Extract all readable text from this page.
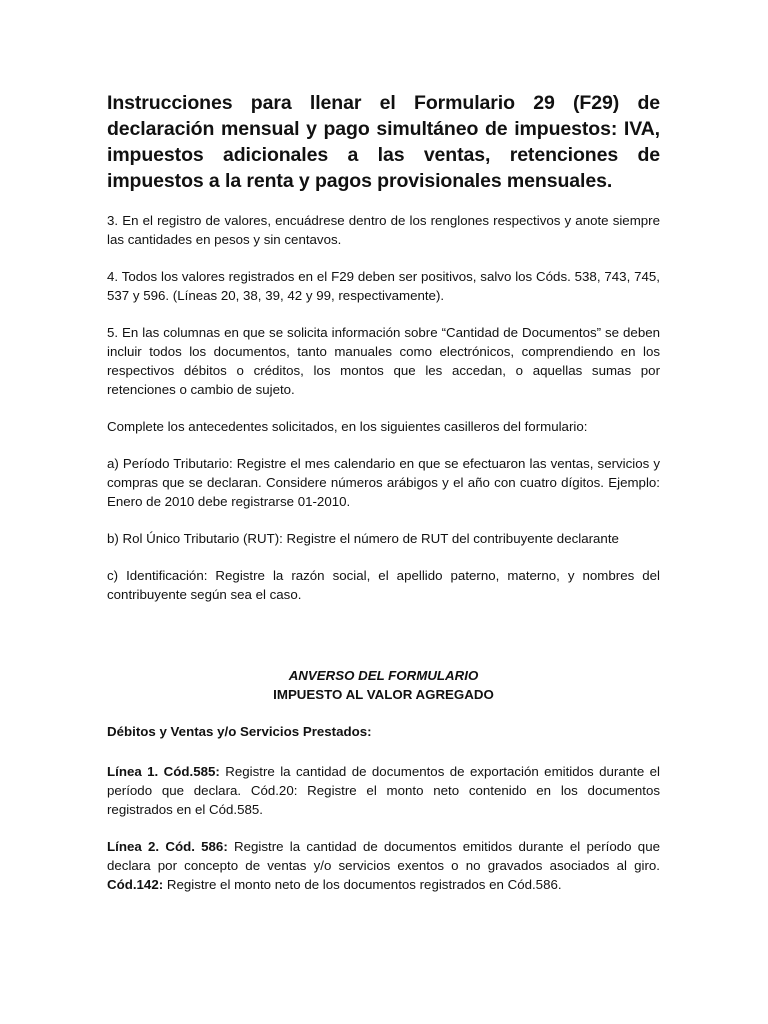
Instrucciones para llenar el Formulario 29 (F29) de declaración mensual y pago simultáneo de impuestos: IVA, impuestos adicionales a las ventas, retenciones de impuestos a la renta y pagos provisionales mensuales.

3. En el registro de valores, encuádrese dentro de los renglones respectivos y anote siempre las cantidades en pesos y sin centavos.

4. Todos los valores registrados en el F29 deben ser positivos, salvo los Códs. 538, 743, 745, 537 y 596. (Líneas 20, 38, 39, 42 y 99, respectivamente).

5. En las columnas en que se solicita información sobre “Cantidad de Documentos” se deben incluir todos los documentos, tanto manuales como electrónicos, comprendiendo en los respectivos débitos o créditos, los montos que les accedan, o aquellas sumas por retenciones o cambio de sujeto.

Complete los antecedentes solicitados, en los siguientes casilleros del formulario:

a) Período Tributario: Registre el mes calendario en que se efectuaron las ventas, servicios y compras que se declaran. Considere números arábigos y el año con cuatro dígitos. Ejemplo: Enero de 2010 debe registrarse 01-2010.

b) Rol Único Tributario (RUT): Registre el número de RUT del contribuyente declarante

c) Identificación: Registre la razón social, el apellido paterno, materno, y nombres del contribuyente según sea el caso.

ANVERSO DEL FORMULARIO
IMPUESTO AL VALOR AGREGADO

Débitos y Ventas y/o Servicios Prestados:

Línea 1. Cód.585: Registre la cantidad de documentos de exportación emitidos durante el período que declara. Cód.20: Registre el monto neto contenido en los documentos registrados en el Cód.585.

Línea 2. Cód. 586: Registre la cantidad de documentos emitidos durante el período que declara por concepto de ventas y/o servicios exentos o no gravados asociados al giro. Cód.142: Registre el monto neto de los documentos registrados en Cód.586.
